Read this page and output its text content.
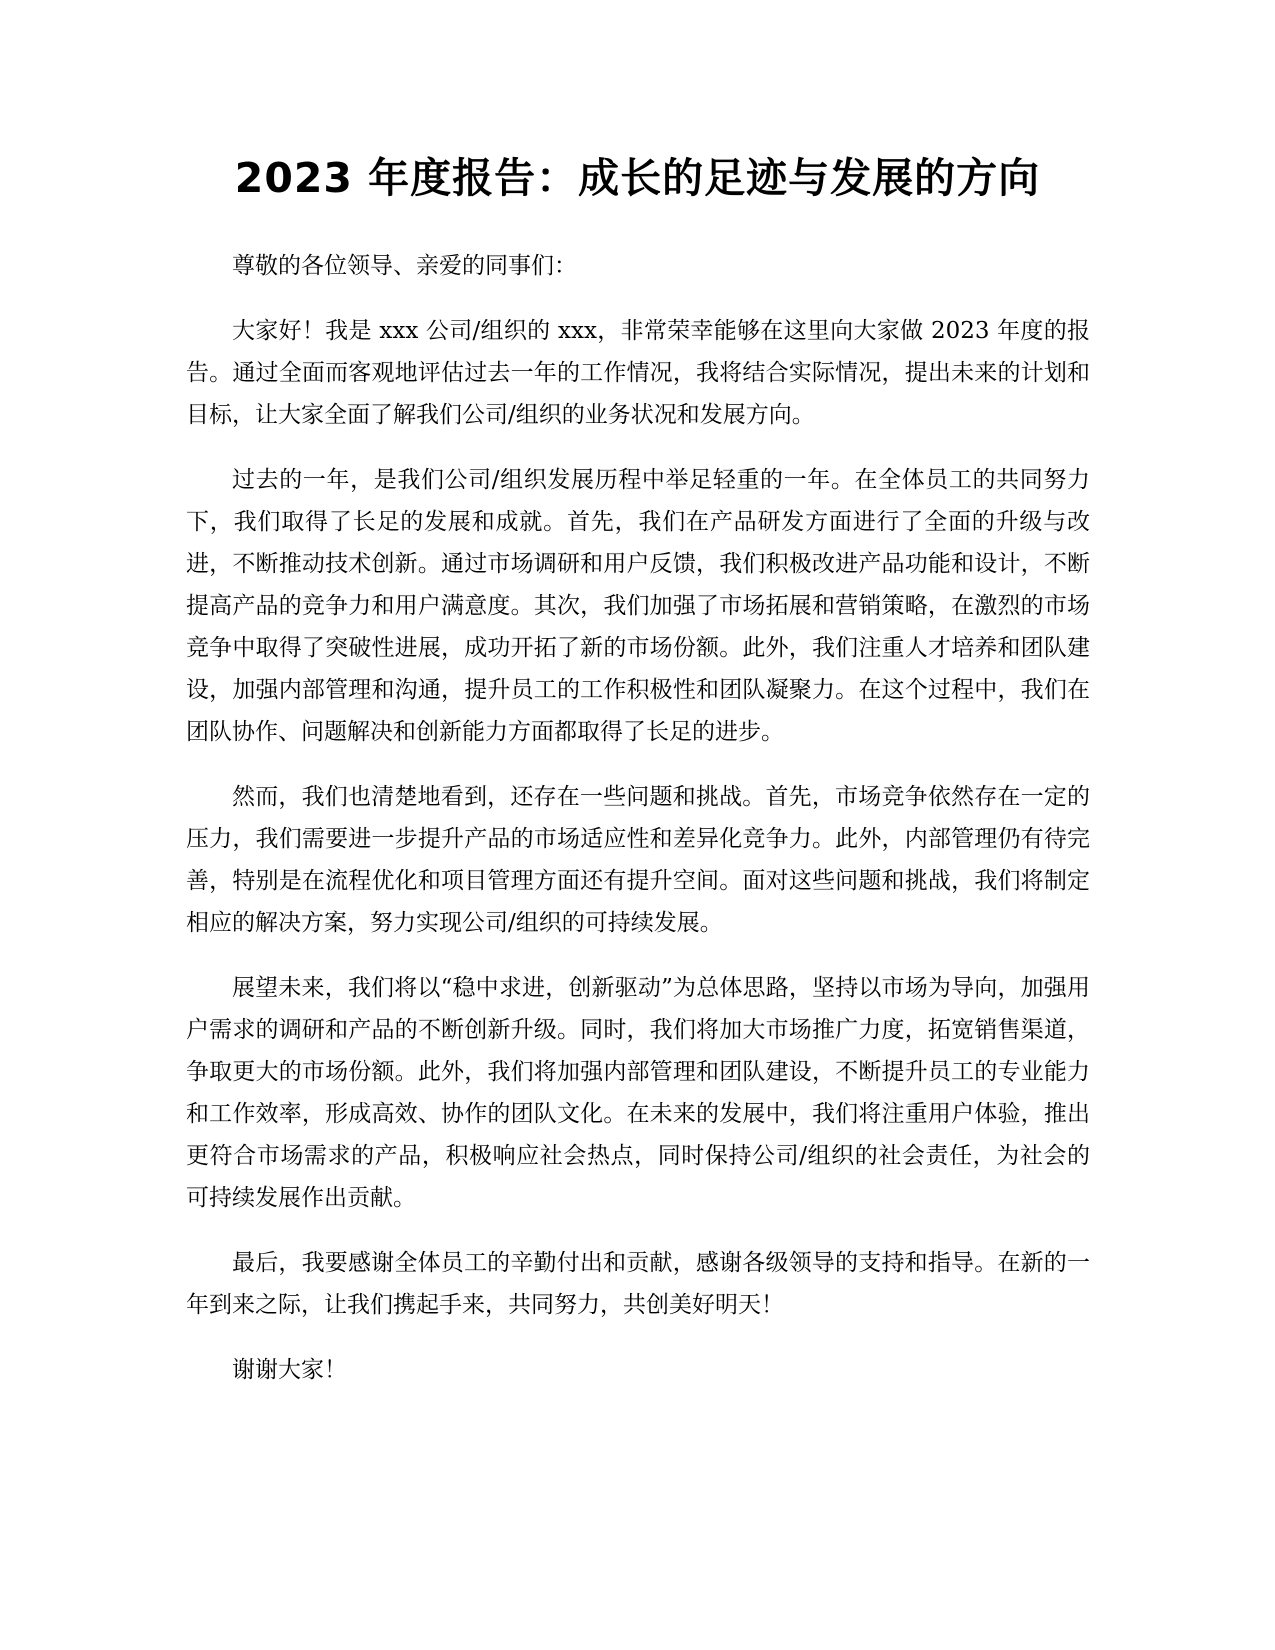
2023 年度报告：成长的足迹与发展的方向

尊敬的各位领导、亲爱的同事们：

大家好！我是 xxx 公司/组织的 xxx，非常荣幸能够在这里向大家做 2023 年度的报告。通过全面而客观地评估过去一年的工作情况，我将结合实际情况，提出未来的计划和目标，让大家全面了解我们公司/组织的业务状况和发展方向。

过去的一年，是我们公司/组织发展历程中举足轻重的一年。在全体员工的共同努力下，我们取得了长足的发展和成就。首先，我们在产品研发方面进行了全面的升级与改进，不断推动技术创新。通过市场调研和用户反馈，我们积极改进产品功能和设计，不断提高产品的竞争力和用户满意度。其次，我们加强了市场拓展和营销策略，在激烈的市场竞争中取得了突破性进展，成功开拓了新的市场份额。此外，我们注重人才培养和团队建设，加强内部管理和沟通，提升员工的工作积极性和团队凝聚力。在这个过程中，我们在团队协作、问题解决和创新能力方面都取得了长足的进步。

然而，我们也清楚地看到，还存在一些问题和挑战。首先，市场竞争依然存在一定的压力，我们需要进一步提升产品的市场适应性和差异化竞争力。此外，内部管理仍有待完善，特别是在流程优化和项目管理方面还有提升空间。面对这些问题和挑战，我们将制定相应的解决方案，努力实现公司/组织的可持续发展。

展望未来，我们将以“稳中求进，创新驱动”为总体思路，坚持以市场为导向，加强用户需求的调研和产品的不断创新升级。同时，我们将加大市场推广力度，拓宽销售渠道，争取更大的市场份额。此外，我们将加强内部管理和团队建设，不断提升员工的专业能力和工作效率，形成高效、协作的团队文化。在未来的发展中，我们将注重用户体验，推出更符合市场需求的产品，积极响应社会热点，同时保持公司/组织的社会责任，为社会的可持续发展作出贡献。

最后，我要感谢全体员工的辛勤付出和贡献，感谢各级领导的支持和指导。在新的一年到来之际，让我们携起手来，共同努力，共创美好明天！

谢谢大家！
